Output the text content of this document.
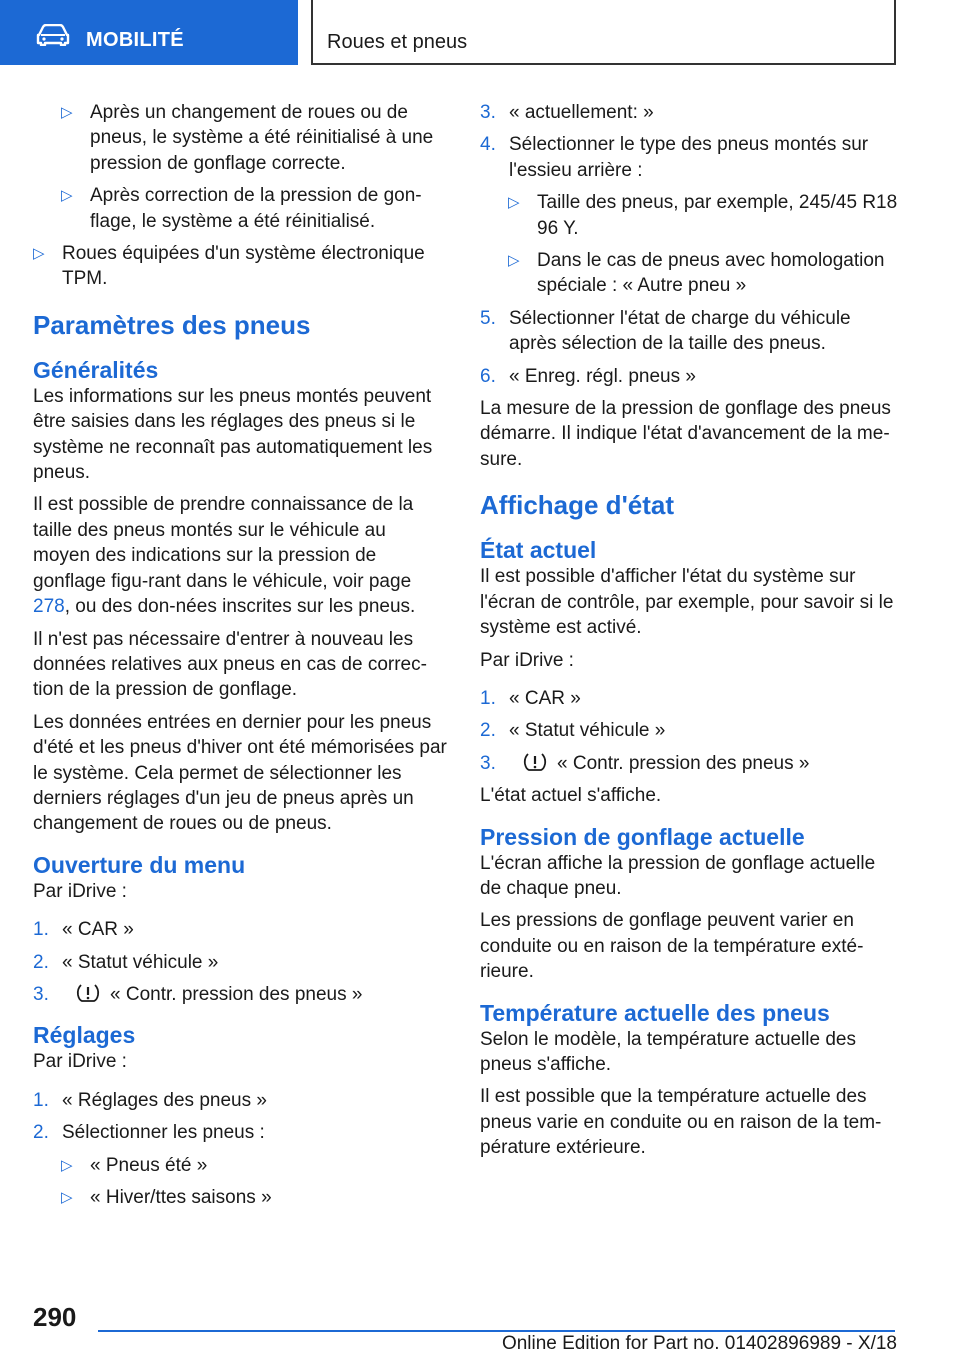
MOBILITÉ	Roues et pneus
▷ Après un changement de roues ou de pneus, le système a été réinitialisé à une pression de gonflage correcte.
▷ Après correction de la pression de gon‐flage, le système a été réinitialisé.
▷ Roues équipées d'un système électronique TPM.
Paramètres des pneus
Généralités

Les informations sur les pneus montés peuvent être saisies dans les réglages des pneus si le système ne reconnaît pas automatiquement les pneus.

Il est possible de prendre connaissance de la taille des pneus montés sur le véhicule au moyen des indications sur la pression de gonflage figu‐rant dans le véhicule, voir page 278, ou des don‐nées inscrites sur les pneus.

Il n'est pas nécessaire d'entrer à nouveau les données relatives aux pneus en cas de correc‐tion de la pression de gonflage.

Les données entrées en dernier pour les pneus d'été et les pneus d'hiver ont été mémorisées par le système. Cela permet de sélectionner les derniers réglages d'un jeu de pneus après un changement de roues ou de pneus.

Ouverture du menu

Par iDrive :

1. « CAR »
2. « Statut véhicule »
3.	« Contr. pression des pneus »
Réglages

Par iDrive :

1. « Réglages des pneus »
2. Sélectionner les pneus :
▷ « Pneus été »
▷ « Hiver/ttes saisons »
3. « actuellement: »
4. Sélectionner le type des pneus montés sur l'essieu arrière :
▷ Taille des pneus, par exemple, 245/45 R18 96 Y.
▷ Dans le cas de pneus avec homologation spéciale : « Autre pneu »
5. Sélectionner l'état de charge du véhicule après sélection de la taille des pneus.
6. « Enreg. régl. pneus »

La mesure de la pression de gonflage des pneus démarre. Il indique l'état d'avancement de la me‐sure.

Affichage d'état
État actuel

Il est possible d'afficher l'état du système sur l'écran de contrôle, par exemple, pour savoir si le système est activé.

Par iDrive :

1. « CAR »
2. « Statut véhicule »
3.	« Contr. pression des pneus »

L'état actuel s'affiche.

Pression de gonflage actuelle

L'écran affiche la pression de gonflage actuelle de chaque pneu.

Les pressions de gonflage peuvent varier en conduite ou en raison de la température exté‐rieure.

Température actuelle des pneus

Selon le modèle, la température actuelle des pneus s'affiche.

Il est possible que la température actuelle des pneus varie en conduite ou en raison de la tem‐pérature extérieure.

290
Online Edition for Part no. 01402896989 - X/18
